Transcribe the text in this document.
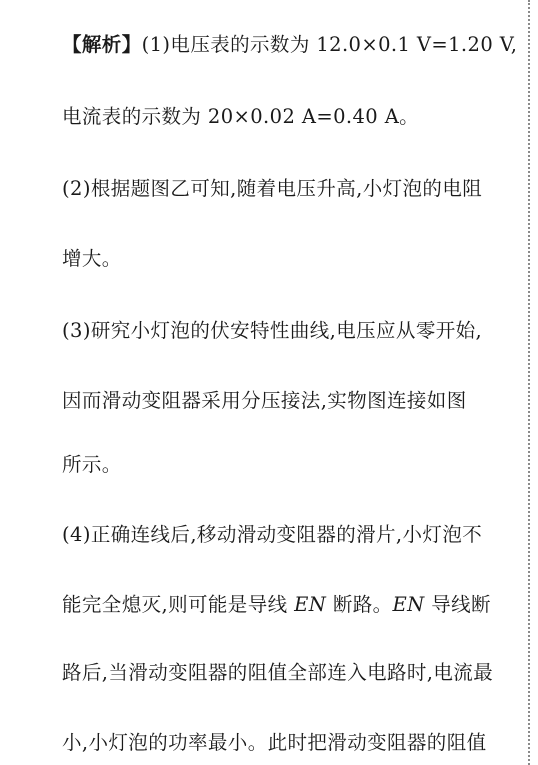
【解析】(1)电压表的示数为 12.0×0.1 V=1.20 V,
电流表的示数为 20×0.02 A=0.40 A。
(2)根据题图乙可知,随着电压升高,小灯泡的电阻
增大。
(3)研究小灯泡的伏安特性曲线,电压应从零开始,
因而滑动变阻器采用分压接法,实物图连接如图
所示。
(4)正确连线后,移动滑动变阻器的滑片,小灯泡不
能完全熄灭,则可能是导线 EN 断路。EN 导线断
路后,当滑动变阻器的阻值全部连入电路时,电流最
小,小灯泡的功率最小。此时把滑动变阻器的阻值
